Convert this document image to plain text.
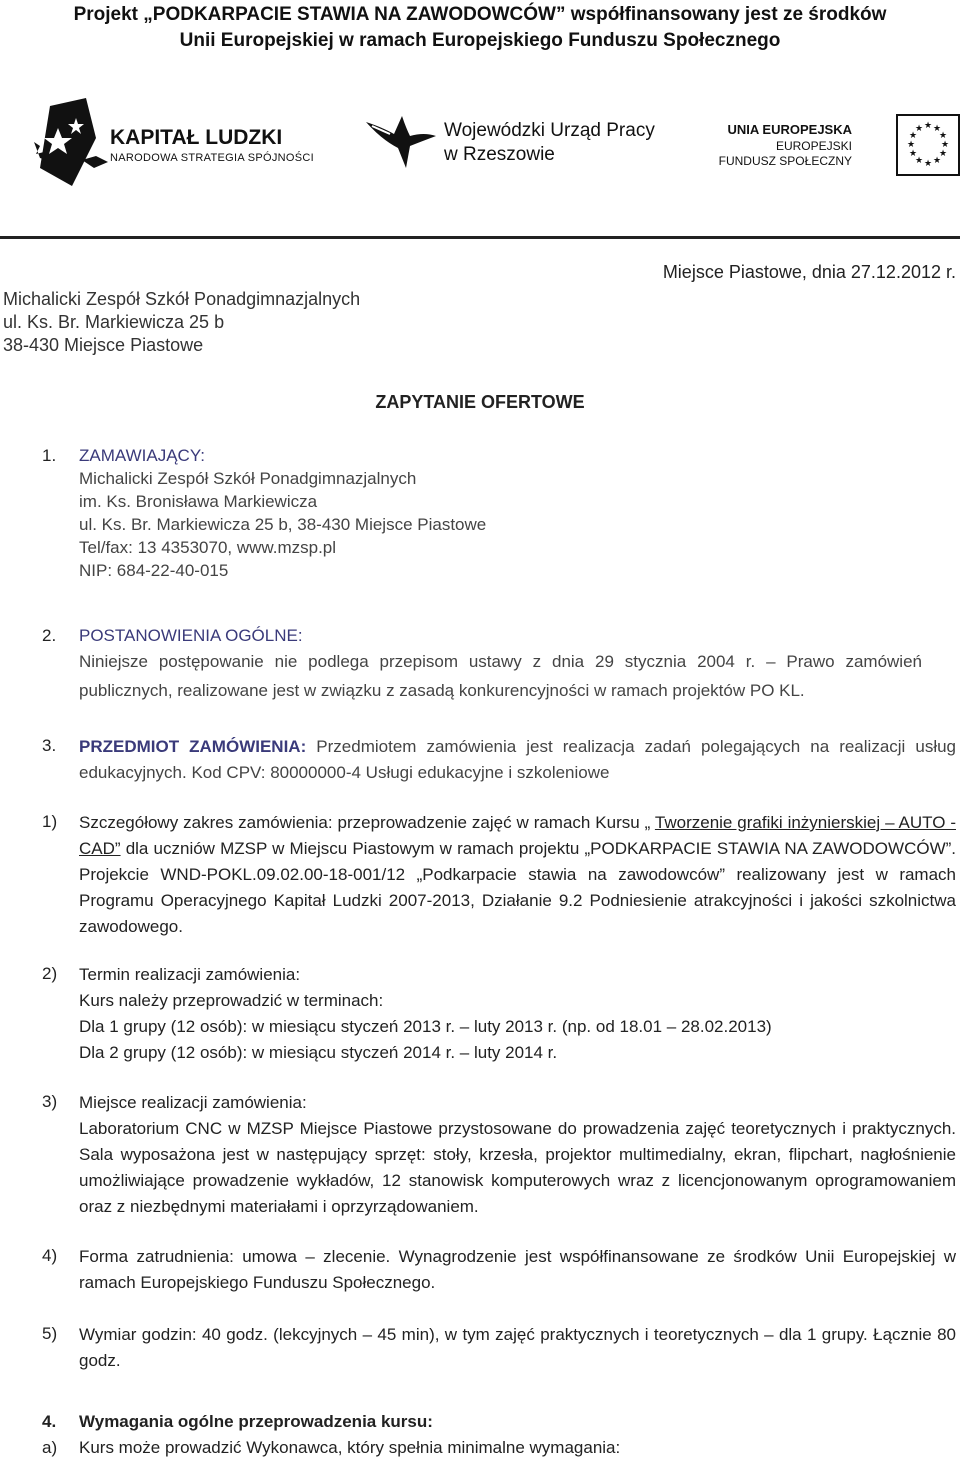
Projekt „PODKARPACIE STAWIA NA ZAWODOWCÓW” współfinansowany jest ze środków
Unii Europejskiej w ramach Europejskiego Funduszu Społecznego
KAPITAŁ LUDZKI
NARODOWA STRATEGIA SPÓJNOŚCI
Wojewódzki Urząd Pracy
w Rzeszowie
UNIA EUROPEJSKA
EUROPEJSKI
FUNDUSZ SPOŁECZNY
★ ★
★
★
★
★
★
★
★
★
★
★
Michalicki Zespół Szkół Ponadgimnazjalnych
ul. Ks. Br. Markiewicza 25 b
38-430 Miejsce Piastowe
Miejsce Piastowe, dnia 27.12.2012 r.
ZAPYTANIE OFERTOWE
1. ZAMAWIAJĄCY:
Michalicki Zespół Szkół Ponadgimnazjalnych
im. Ks. Bronisława Markiewicza
ul. Ks. Br. Markiewicza 25 b, 38-430 Miejsce Piastowe
Tel/fax: 13 4353070, www.mzsp.pl
NIP: 684-22-40-015
2. POSTANOWIENIA OGÓLNE:
Niniejsze postępowanie nie podlega przepisom ustawy z dnia 29 stycznia 2004 r. – Prawo zamówień publicznych, realizowane jest w związku z zasadą konkurencyjności w ramach projektów PO KL.
3. PRZEDMIOT ZAMÓWIENIA: Przedmiotem zamówienia jest realizacja zadań polegających na realizacji usług edukacyjnych. Kod CPV: 80000000-4 Usługi edukacyjne i szkoleniowe
1) Szczegółowy zakres zamówienia: przeprowadzenie zajęć w ramach Kursu „ Tworzenie grafiki inżynierskiej – AUTO - CAD” dla uczniów MZSP w Miejscu Piastowym w ramach projektu „PODKARPACIE STAWIA NA ZAWODOWCÓW”. Projekcie WND-POKL.09.02.00-18-001/12 „Podkarpacie stawia na zawodowców” realizowany jest w ramach Programu Operacyjnego Kapitał Ludzki 2007-2013, Działanie 9.2 Podniesienie atrakcyjności i jakości szkolnictwa zawodowego.
2) Termin realizacji zamówienia:
Kurs należy przeprowadzić w terminach:
Dla 1 grupy (12 osób): w miesiącu styczeń 2013 r. – luty 2013 r. (np. od 18.01 – 28.02.2013)
Dla 2 grupy (12 osób): w miesiącu styczeń 2014 r. – luty 2014 r.
3) Miejsce realizacji zamówienia:
Laboratorium CNC w MZSP Miejsce Piastowe przystosowane do prowadzenia zajęć teoretycznych i praktycznych. Sala wyposażona jest w następujący sprzęt: stoły, krzesła, projektor multimedialny, ekran, flipchart, nagłośnienie umożliwiające prowadzenie wykładów, 12 stanowisk komputerowych wraz z licencjonowanym oprogramowaniem oraz z niezbędnymi materiałami i oprzyrządowaniem.
4) Forma zatrudnienia: umowa – zlecenie. Wynagrodzenie jest współfinansowane ze środków Unii Europejskiej w ramach Europejskiego Funduszu Społecznego.
5) Wymiar godzin: 40 godz. (lekcyjnych – 45 min), w tym zajęć praktycznych i teoretycznych – dla 1 grupy. Łącznie 80 godz.
4. Wymagania ogólne przeprowadzenia kursu:
a) Kurs może prowadzić Wykonawca, który spełnia minimalne wymagania:
